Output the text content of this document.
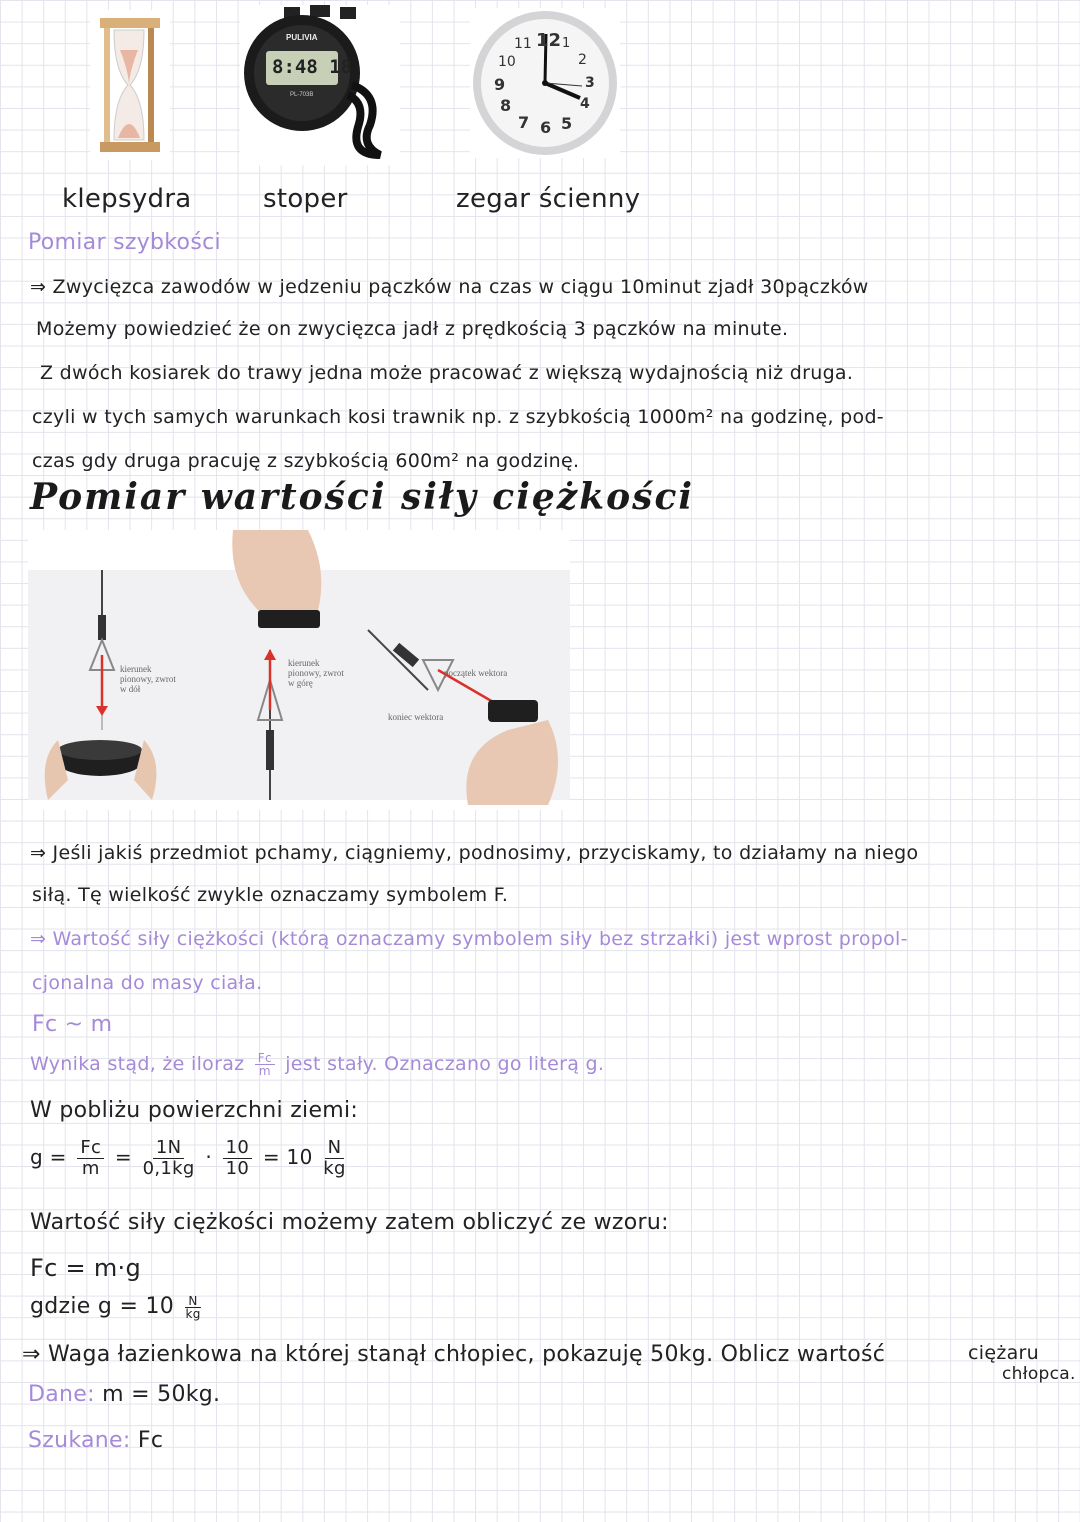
PULIVIA
8:48 18
PL-703B
12
11
10
9
8
7 6 5
4
3
2
1
klepsydra	stoper	zegar ścienny
Pomiar szybkości
⇒ Zwycięzca zawodów w jedzeniu pączków na czas w ciągu 10minut zjadł 30pączków
Możemy powiedzieć że on zwycięzca jadł z prędkością 3 pączków na minute.
Z dwóch kosiarek do trawy jedna może pracować z większą wydajnością niż druga.
czyli w tych samych warunkach kosi trawnik np. z szybkością 1000m² na godzinę, pod-
czas gdy druga pracuję z szybkością 600m² na godzinę.
Pomiar wartości siły ciężkości
kierunek
pionowy, zwrot
w dół
kierunek
pionowy, zwrot
w górę
początek wektora
koniec wektora
⇒ Jeśli jakiś przedmiot pchamy, ciągniemy, podnosimy, przyciskamy, to działamy na niego
siłą. Tę wielkość zwykle oznaczamy symbolem F.
⇒ Wartość siły ciężkości (którą oznaczamy symbolem siły bez strzałki) jest wprost propol-
cjonalna do masy ciała.
Fc ~ m
Wynika stąd, że iloraz $\frac{Fc}{m}$ jest stały. Oznaczano go literą g.
W pobliżu powierzchni ziemi:
$g = \frac{Fc}{m} = \frac{1N}{0,1kg} \cdot \frac{10}{10} = 10 \frac{N}{kg}$
Wartość siły ciężkości możemy zatem obliczyć ze wzoru:
Fc = m·g
gdzie $g = 10 \frac{N}{kg}$
⇒ Waga łazienkowa na której stanął chłopiec, pokazuję 50kg. Oblicz wartość	ciężaru
chłopca.
Dane: m = 50kg.
Szukane: Fc
